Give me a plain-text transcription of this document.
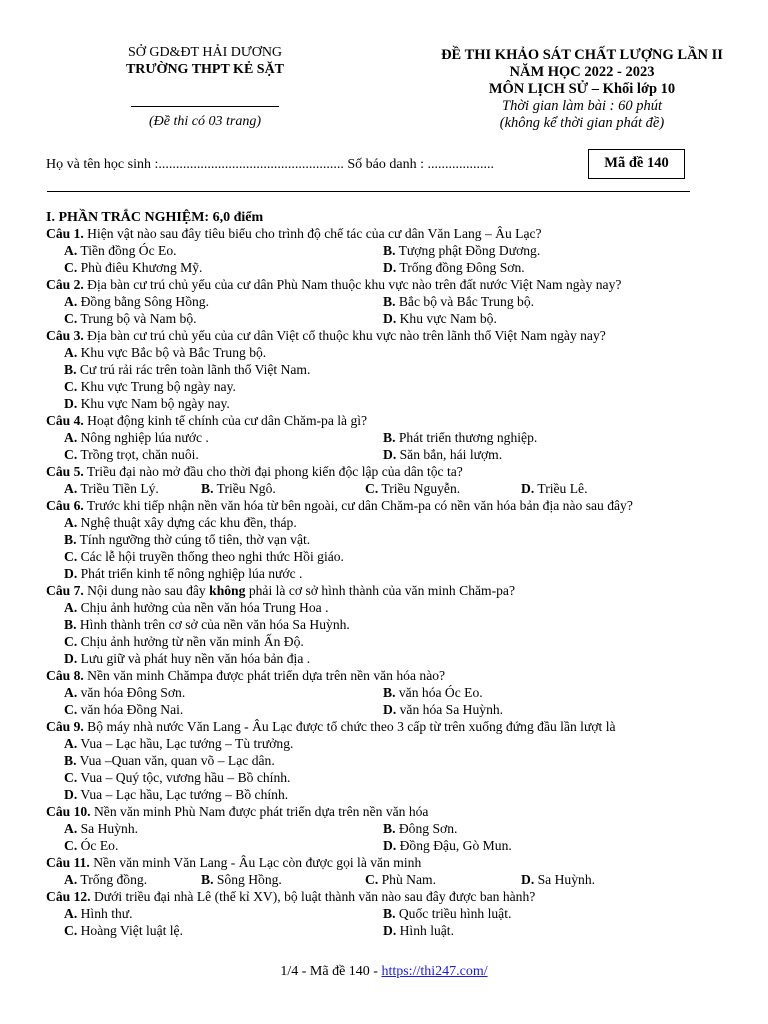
SỞ GD&ĐT HẢI DƯƠNG
TRƯỜNG THPT KẺ SẶT
(Đề thi có 03 trang)
ĐỀ THI KHẢO SÁT CHẤT LƯỢNG LẦN II
NĂM HỌC 2022 - 2023
MÔN LỊCH SỬ – Khối lớp 10
Thời gian làm bài : 60 phút
(không kể thời gian phát đề)
Họ và tên học sinh :..................................................... Số báo danh : ...................	Mã đề 140
I. PHẦN TRẮC NGHIỆM: 6,0 điểm
Câu 1. Hiện vật nào sau đây tiêu biểu cho trình độ chế tác của cư dân Văn Lang – Âu Lạc?
A. Tiền đồng Óc Eo.	B. Tượng phật Đồng Dương.
C. Phù điêu Khương Mỹ.	D. Trống đồng Đông Sơn.
Câu 2. Địa bàn cư trú chủ yếu của cư dân Phù Nam thuộc khu vực nào trên đất nước Việt Nam ngày nay?
A. Đồng bằng Sông Hồng.	B. Bắc bộ và Bắc Trung bộ.
C. Trung bộ và Nam bộ.	D. Khu vực Nam bộ.
Câu 3. Địa bàn cư trú chủ yếu của cư dân Việt cổ thuộc khu vực nào trên lãnh thổ Việt Nam ngày nay?
A. Khu vực Bắc bộ và Bắc Trung bộ.
B. Cư trú rải rác trên toàn lãnh thổ Việt Nam.
C. Khu vực Trung bộ ngày nay.
D. Khu vực Nam bộ ngày nay.
Câu 4. Hoạt động kinh tế chính của cư dân Chăm-pa là gì?
A. Nông nghiệp lúa nước .	B. Phát triển thương nghiệp.
C. Trồng trọt, chăn nuôi.	D. Săn bắn, hái lượm.
Câu 5. Triều đại nào mở đầu cho thời đại phong kiến độc lập của dân tộc ta?
A. Triều Tiền Lý.	B. Triều Ngô.	C. Triều Nguyễn.	D. Triều Lê.
Câu 6. Trước khi tiếp nhận nền văn hóa từ bên ngoài, cư dân Chăm-pa có nền văn hóa bản địa nào sau đây?
A. Nghệ thuật xây dựng các khu đền, tháp.
B. Tính ngưỡng thờ cúng tổ tiên, thờ vạn vật.
C. Các lễ hội truyền thống theo nghi thức Hồi giáo.
D. Phát triển kinh tế nông nghiệp lúa nước .
Câu 7. Nội dung nào sau đây không phải là cơ sở hình thành của văn minh Chăm-pa?
A. Chịu ảnh hưởng của nền văn hóa Trung Hoa .
B. Hình thành trên cơ sở của nền văn hóa Sa Huỳnh.
C. Chịu ảnh hưởng từ nền văn minh Ấn Độ.
D. Lưu giữ và phát huy nền văn hóa bản địa .
Câu 8. Nền văn minh Chămpa được phát triển dựa trên nền văn hóa nào?
A. văn hóa Đông Sơn.	B. văn hóa Óc Eo.
C. văn hóa Đồng Nai.	D. văn hóa Sa Huỳnh.
Câu 9. Bộ máy nhà nước Văn Lang - Âu Lạc được tổ chức theo 3 cấp từ trên xuống đứng đầu lần lượt là
A. Vua – Lạc hầu, Lạc tướng – Tù trưởng.
B. Vua –Quan văn, quan võ – Lạc dân.
C. Vua – Quý tộc, vương hầu – Bồ chính.
D. Vua – Lạc hầu, Lạc tướng – Bồ chính.
Câu 10. Nền văn minh Phù Nam được phát triển dựa trên nền văn hóa
A. Sa Huỳnh.	B. Đông Sơn.
C. Óc Eo.	D. Đồng Đậu, Gò Mun.
Câu 11. Nền văn minh Văn Lang - Âu Lạc còn được gọi là văn minh
A. Trống đồng.	B. Sông Hồng.	C. Phù Nam.	D. Sa Huỳnh.
Câu 12. Dưới triều đại nhà Lê (thế kỉ XV), bộ luật thành văn nào sau đây được ban hành?
A. Hình thư.	B. Quốc triều hình luật.
C. Hoàng Việt luật lệ.	D. Hình luật.
1/4 - Mã đề 140 - https://thi247.com/
